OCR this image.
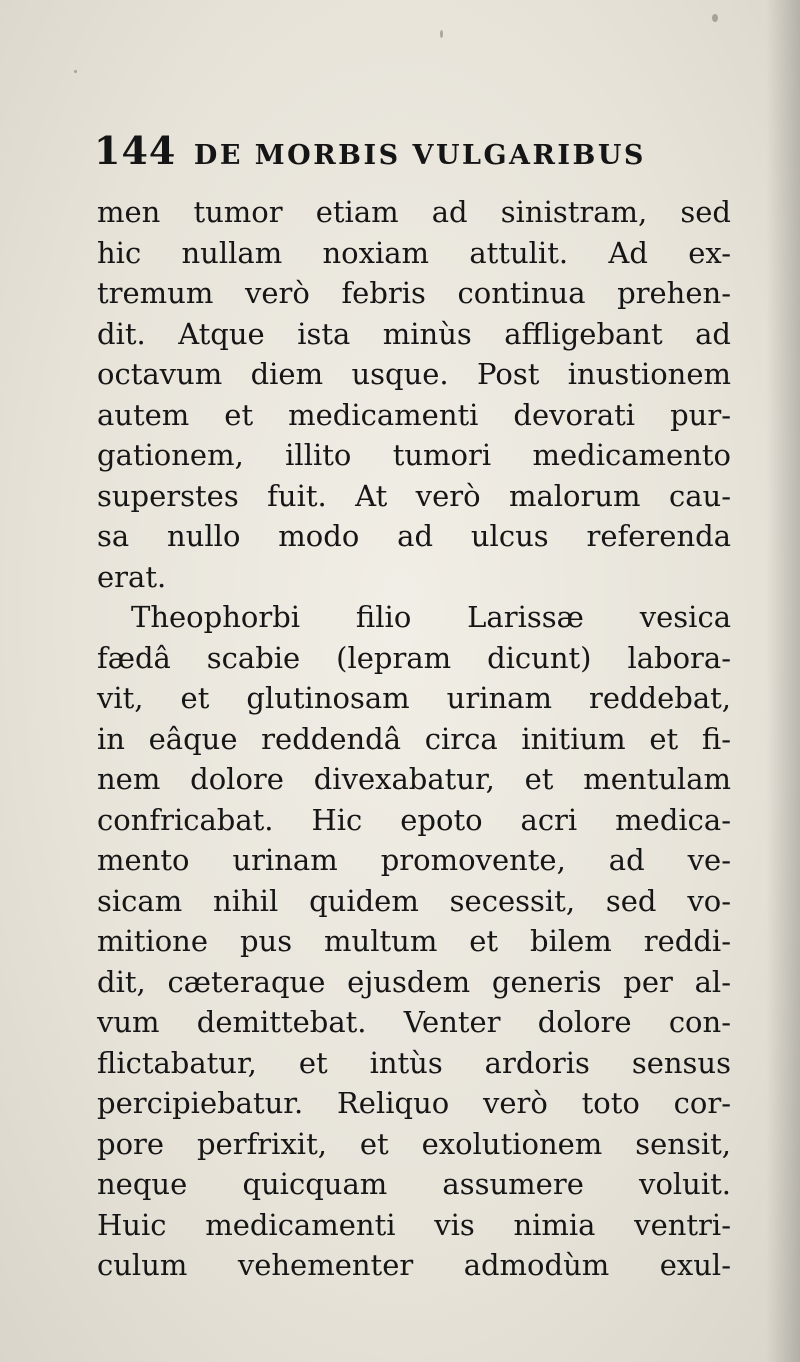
144 DE MORBIS VULGARIBUS
men tumor etiam ad sinistram, sed
hic nullam noxiam attulit. Ad ex-
tremum verò febris continua prehen-
dit. Atque ista minùs affligebant ad
octavum diem usque. Post inustionem
autem et medicamenti devorati pur-
gationem, illito tumori medicamento
superstes fuit. At verò malorum cau-
sa nullo modo ad ulcus referenda
erat.
Theophorbi filio Larissæ vesica
fædâ scabie (lepram dicunt) labora-
vit, et glutinosam urinam reddebat,
in eâque reddendâ circa initium et fi-
nem dolore divexabatur, et mentulam
confricabat. Hic epoto acri medica-
mento urinam promovente, ad ve-
sicam nihil quidem secessit, sed vo-
mitione pus multum et bilem reddi-
dit, cæteraque ejusdem generis per al-
vum demittebat. Venter dolore con-
flictabatur, et intùs ardoris sensus
percipiebatur. Reliquo verò toto cor-
pore perfrixit, et exolutionem sensit,
neque quicquam assumere voluit.
Huic medicamenti vis nimia ventri-
culum vehementer admodùm exul-
